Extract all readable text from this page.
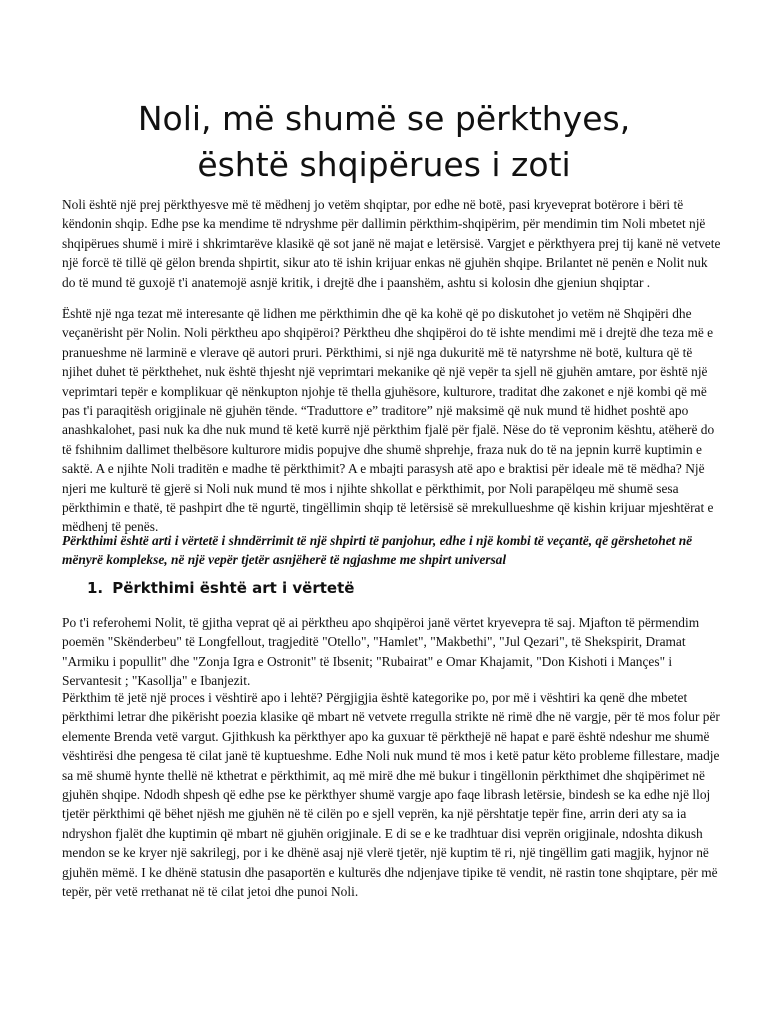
Noli, më shumë se përkthyes,
është shqipërues i zoti

Noli është një prej përkthyesve më të mëdhenj jo vetëm shqiptar, por edhe në botë, pasi kryeveprat botërore i bëri të këndonin shqip. Edhe pse ka mendime të ndryshme për dallimin përkthim-shqipërim, për mendimin tim Noli mbetet një shqipërues shumë i mirë i shkrimtarëve klasikë që sot janë në majat e letërsisë. Vargjet e përkthyera prej tij kanë në vetvete një forcë të tillë që gëlon brenda shpirtit, sikur ato të ishin krijuar enkas në gjuhën shqipe. Brilantet në penën e Nolit nuk do të mund të guxojë t'i anatemojë asnjë kritik, i drejtë dhe i paanshëm, ashtu si kolosin dhe gjeniun shqiptar .

Është një nga tezat më interesante që lidhen me përkthimin dhe që ka kohë që po diskutohet jo vetëm në Shqipëri dhe veçanërisht për Nolin. Noli përktheu apo shqipëroi? Përktheu dhe shqipëroi do të ishte mendimi më i drejtë dhe teza më e pranueshme në larminë e vlerave që autori pruri. Përkthimi, si një nga dukuritë më të natyrshme në botë, kultura që të njihet duhet të përkthehet, nuk është thjesht një veprimtari mekanike që një vepër ta sjell në gjuhën amtare, por është një veprimtari tepër e komplikuar që nënkupton njohje të thella gjuhësore, kulturore, traditat dhe zakonet e një kombi që më pas t'i paraqitësh origjinale në gjuhën tënde. “Traduttore e” traditore” një maksimë që nuk mund të hidhet poshtë apo anashkalohet, pasi nuk ka dhe nuk mund të ketë kurrë një përkthim fjalë për fjalë. Nëse do të vepronim kështu, atëherë do të fshihnim dallimet thelbësore kulturore midis popujve dhe shumë shprehje, fraza nuk do të na jepnin kurrë kuptimin e saktë. A e njihte Noli traditën e madhe të përkthimit? A e mbajti parasysh atë apo e braktisi për ideale më të mëdha? Një njeri me kulturë të gjerë si Noli nuk mund të mos i njihte shkollat e përkthimit, por Noli parapëlqeu më shumë sesa përkthimin e thatë, të pashpirt dhe të ngurtë, tingëllimin shqip të letërsisë së mrekullueshme që kishin krijuar mjeshtërat e mëdhenj të penës.

Përkthimi është arti i vërtetë i shndërrimit të një shpirti të panjohur, edhe i një kombi të veçantë, që gërshetohet në mënyrë komplekse, në një vepër tjetër asnjëherë të ngjashme me shpirt universal

1. Përkthimi është art i vërtetë

Po t'i referohemi Nolit, të gjitha veprat që ai përktheu apo shqipëroi janë vërtet kryevepra të saj. Mjafton të përmendim poemën "Skënderbeu" të Longfellout, tragjeditë "Otello", "Hamlet", "Makbethi", "Jul Qezari", të Shekspirit, Dramat "Armiku i popullit" dhe "Zonja Igra e Ostronit" të Ibsenit; "Rubairat" e Omar Khajamit, "Don Kishoti i Mançes" i Servantesit ; "Kasollja" e Ibanjezit.

Përkthim të jetë një proces i vështirë apo i lehtë? Përgjigjia është kategorike po, por më i vështiri ka qenë dhe mbetet përkthimi letrar dhe pikërisht poezia klasike që mbart në vetvete rregulla strikte në rimë dhe në vargje, për të mos folur për elemente Brenda vetë vargut. Gjithkush ka përkthyer apo ka guxuar të përkthejë në hapat e parë është ndeshur me shumë vështirësi dhe pengesa të cilat janë të kuptueshme. Edhe Noli nuk mund të mos i ketë patur këto probleme fillestare, madje sa më shumë hynte thellë në kthetrat e përkthimit, aq më mirë dhe më bukur i tingëllonin përkthimet dhe shqipërimet në gjuhën shqipe. Ndodh shpesh që edhe pse ke përkthyer shumë vargje apo faqe librash letërsie, bindesh se ka edhe një lloj tjetër përkthimi që bëhet njësh me gjuhën në të cilën po e sjell veprën, ka një përshtatje tepër fine, arrin deri aty sa ia ndryshon fjalët dhe kuptimin që mbart në gjuhën origjinale. E di se e ke tradhtuar disi veprën origjinale, ndoshta dikush mendon se ke kryer një sakrilegj, por i ke dhënë asaj një vlerë tjetër, një kuptim të ri, një tingëllim gati magjik, hyjnor në gjuhën mëmë. I ke dhënë statusin dhe pasaportën e kulturës dhe ndjenjave tipike të vendit, në rastin tone shqiptare, për më tepër, për vetë rrethanat në të cilat jetoi dhe punoi Noli.
